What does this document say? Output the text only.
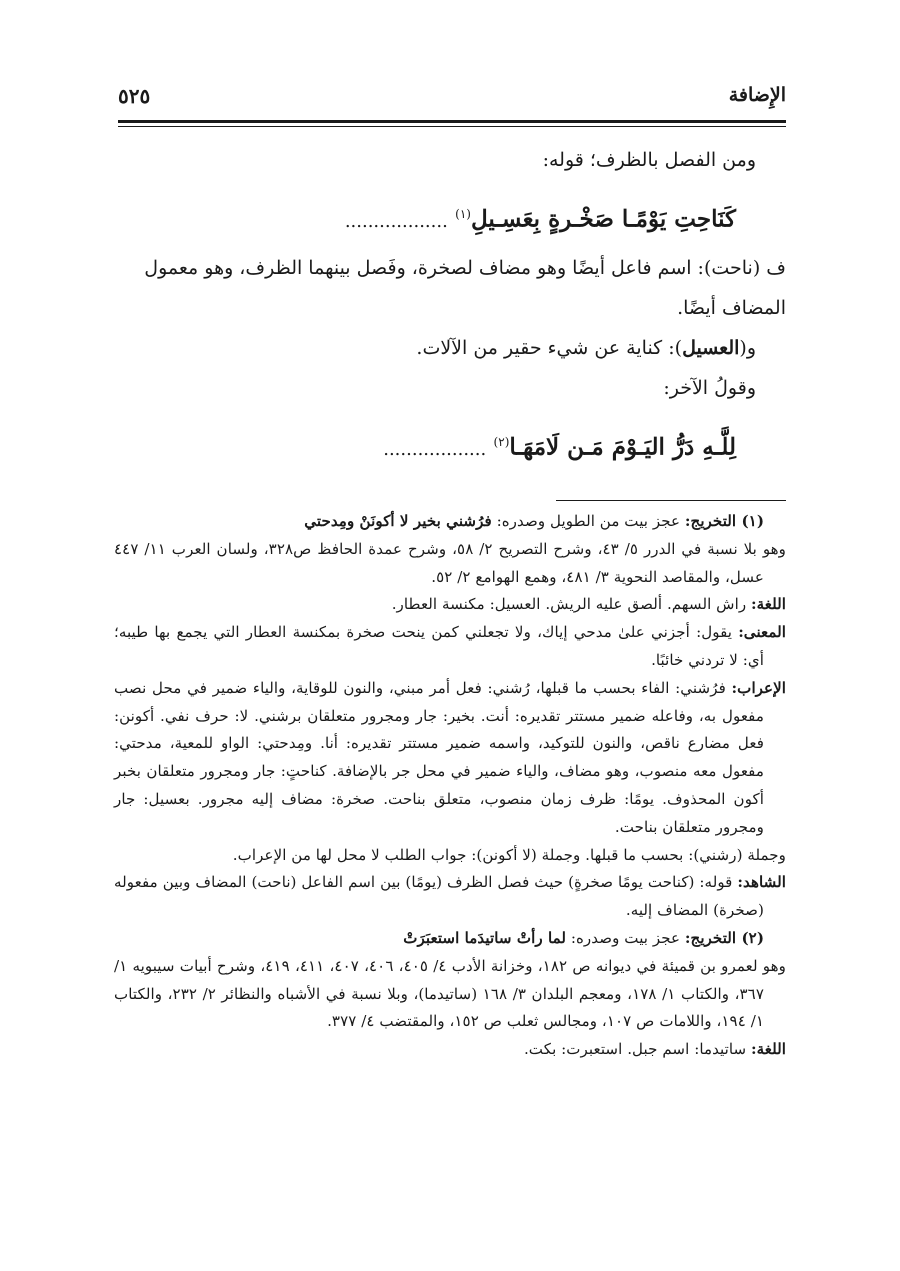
الإِضافة
٥٢٥

ومن الفصل بالظرف؛ قوله:

كَنَاحِتِ يَوْمًـا صَخْـرةٍ بِعَسِـيلِ$^{(١)}$ ..................

ف (ناحت): اسم فاعل أيضًا وهو مضاف لصخرة، وفَصل بينهما الظرف، وهو معمول المضاف أيضًا.

و(العسيل): كناية عن شيء حقير من الآلات.

وقولُ الآخر:

لِلَّـهِ دَرُّ اليَـوْمَ مَـن لَامَهَـا$^{(٢)}$ ..................

(١) التخريج: عجز بيت من الطويل وصدره: فرُشني بخير لا أكونَنْ ومِدحتي

وهو بلا نسبة في الدرر ٥/ ٤٣، وشرح التصريح ٢/ ٥٨، وشرح عمدة الحافظ ص٣٢٨، ولسان العرب ١١/ ٤٤٧ عسل، والمقاصد النحوية ٣/ ٤٨١، وهمع الهوامع ٢/ ٥٢.

اللغة: راش السهم. ألصق عليه الريش. العسيل: مكنسة العطار.

المعنى: يقول: أجزني علىٰ مدحي إياك، ولا تجعلني كمن ينحت صخرة بمكنسة العطار التي يجمع بها طيبه؛ أي: لا تردني خائبًا.

الإعراب: فرُشني: الفاء بحسب ما قبلها، رُشني: فعل أمر مبني، والنون للوقاية، والياء ضمير في محل نصب مفعول به، وفاعله ضمير مستتر تقديره: أنت. بخير: جار ومجرور متعلقان برشني. لا: حرف نفي. أكونن: فعل مضارع ناقص، والنون للتوكيد، واسمه ضمير مستتر تقديره: أنا. ومِدحتي: الواو للمعية، مدحتي: مفعول معه منصوب، وهو مضاف، والياء ضمير في محل جر بالإضافة. كناحتٍ: جار ومجرور متعلقان بخبر أكون المحذوف. يومًا: ظرف زمان منصوب، متعلق بناحت. صخرة: مضاف إليه مجرور. بعسيل: جار ومجرور متعلقان بناحت.

وجملة (رشني): بحسب ما قبلها. وجملة (لا أكونن): جواب الطلب لا محل لها من الإعراب.

الشاهد: قوله: (كناحت يومًا صخرةٍ) حيث فصل الظرف (يومًا) بين اسم الفاعل (ناحت) المضاف وبين مفعوله (صخرة) المضاف إليه.

(٢) التخريج: عجز بيت وصدره: لما رأتْ ساتيدَما استعبَرَتْ

وهو لعمرو بن قميئة في ديوانه ص ١٨٢، وخزانة الأدب ٤/ ٤٠٥، ٤٠٦، ٤٠٧، ٤١١، ٤١٩، وشرح أبيات سيبويه ١/ ٣٦٧، والكتاب ١/ ١٧٨، ومعجم البلدان ٣/ ١٦٨ (ساتيدما)، وبلا نسبة في الأشباه والنظائر ٢/ ٢٣٢، والكتاب ١/ ١٩٤، واللامات ص ١٠٧، ومجالس ثعلب ص ١٥٢، والمقتضب ٤/ ٣٧٧.

اللغة: ساتيدما: اسم جبل. استعبرت: بكت.
